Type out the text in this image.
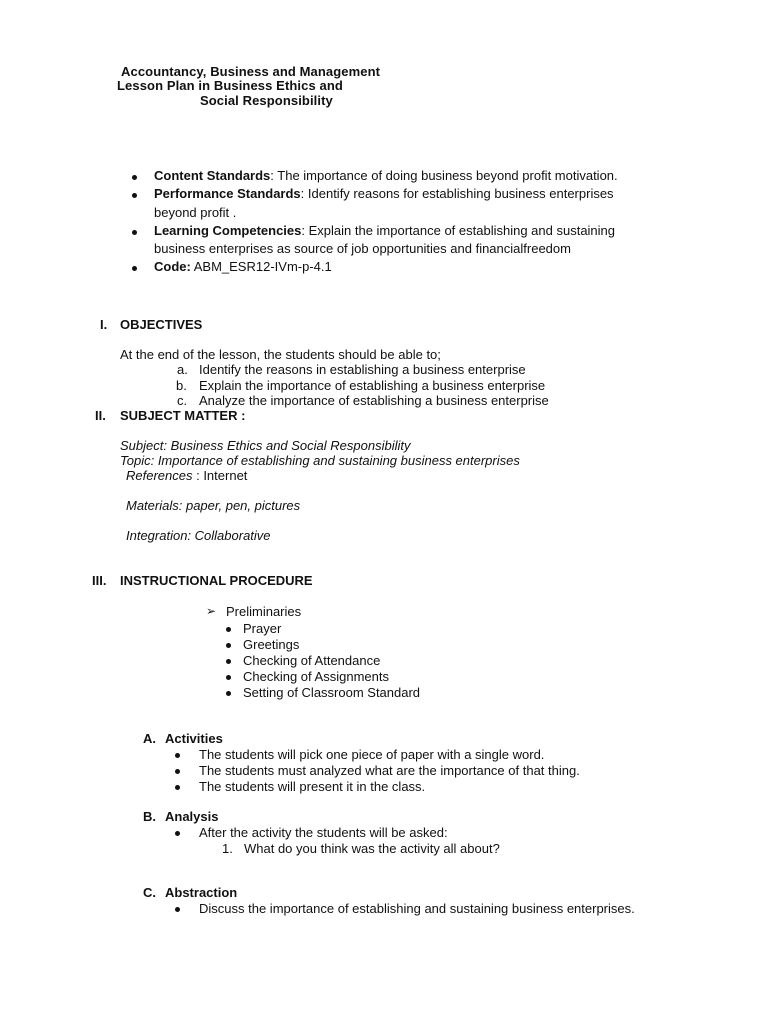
Accountancy, Business and Management
Lesson Plan in Business Ethics and
Social Responsibility
Content Standards: The importance of doing business beyond profit motivation.
Performance Standards: Identify reasons for establishing business enterprises
beyond profit .
Learning Competencies: Explain the importance of establishing and sustaining
business enterprises as source of job opportunities and financialfreedom
Code: ABM_ESR12-IVm-p-4.1
I. OBJECTIVES
At the end of the lesson, the students should be able to;
a. Identify the reasons in establishing a business enterprise
b. Explain the importance of establishing a business enterprise
c. Analyze the importance of establishing a business enterprise
II. SUBJECT MATTER :
Subject: Business Ethics and Social Responsibility
Topic: Importance of establishing and sustaining business enterprises
References : Internet
Materials: paper, pen, pictures
Integration: Collaborative
III. INSTRUCTIONAL PROCEDURE
➢ Preliminaries
Prayer
Greetings
Checking of Attendance
Checking of Assignments
Setting of Classroom Standard
A. Activities
The students will pick one piece of paper with a single word.
The students must analyzed what are the importance of that thing.
The students will present it in the class.
B. Analysis
After the activity the students will be asked:
1. What do you think was the activity all about?
C. Abstraction
Discuss the importance of establishing and sustaining business enterprises.
